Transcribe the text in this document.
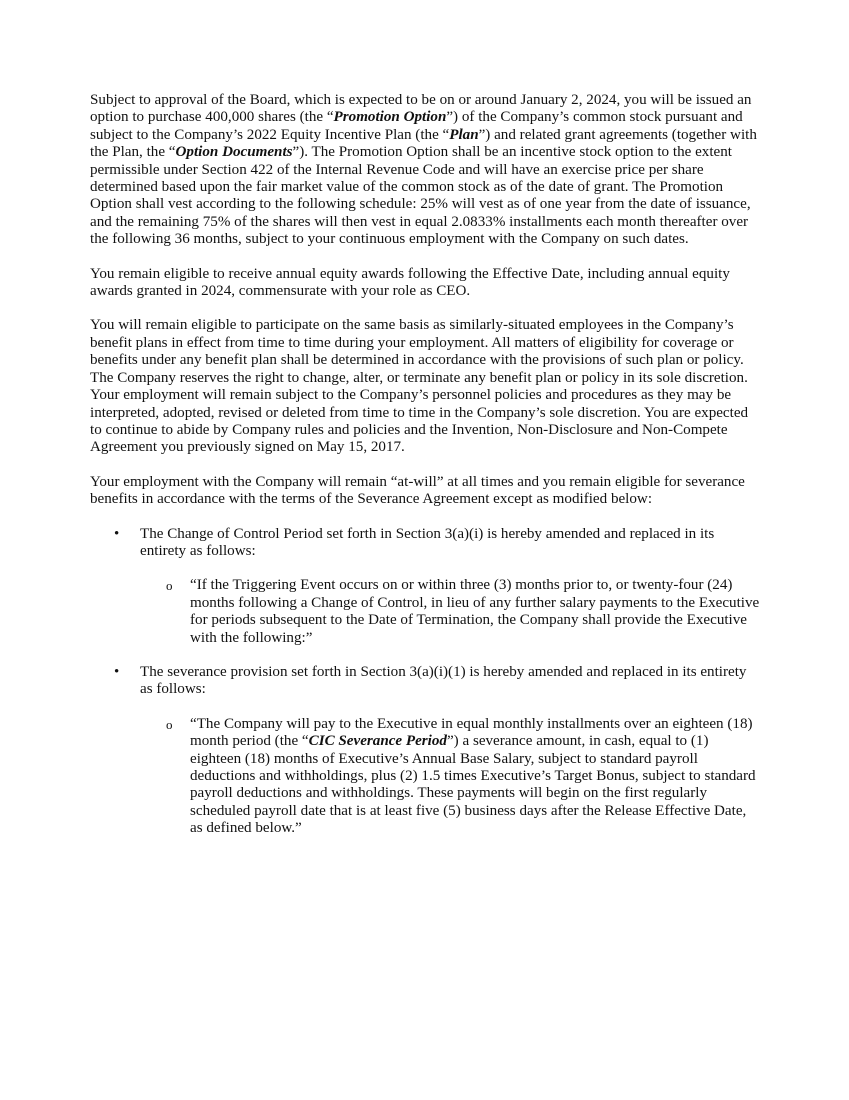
Subject to approval of the Board, which is expected to be on or around January 2, 2024, you will be issued an option to purchase 400,000 shares (the “Promotion Option”) of the Company’s common stock pursuant and subject to the Company’s 2022 Equity Incentive Plan (the “Plan”) and related grant agreements (together with the Plan, the “Option Documents”). The Promotion Option shall be an incentive stock option to the extent permissible under Section 422 of the Internal Revenue Code and will have an exercise price per share determined based upon the fair market value of the common stock as of the date of grant. The Promotion Option shall vest according to the following schedule: 25% will vest as of one year from the date of issuance, and the remaining 75% of the shares will then vest in equal 2.0833% installments each month thereafter over the following 36 months, subject to your continuous employment with the Company on such dates.

You remain eligible to receive annual equity awards following the Effective Date, including annual equity awards granted in 2024, commensurate with your role as CEO.

You will remain eligible to participate on the same basis as similarly-situated employees in the Company’s benefit plans in effect from time to time during your employment. All matters of eligibility for coverage or benefits under any benefit plan shall be determined in accordance with the provisions of such plan or policy. The Company reserves the right to change, alter, or terminate any benefit plan or policy in its sole discretion. Your employment will remain subject to the Company’s personnel policies and procedures as they may be interpreted, adopted, revised or deleted from time to time in the Company’s sole discretion. You are expected to continue to abide by Company rules and policies and the Invention, Non-Disclosure and Non-Compete Agreement you previously signed on May 15, 2017.

Your employment with the Company will remain “at-will” at all times and you remain eligible for severance benefits in accordance with the terms of the Severance Agreement except as modified below:

• The Change of Control Period set forth in Section 3(a)(i) is hereby amended and replaced in its entirety as follows:
o “If the Triggering Event occurs on or within three (3) months prior to, or twenty-four (24) months following a Change of Control, in lieu of any further salary payments to the Executive for periods subsequent to the Date of Termination, the Company shall provide the Executive with the following:”
• The severance provision set forth in Section 3(a)(i)(1) is hereby amended and replaced in its entirety as follows:
o “The Company will pay to the Executive in equal monthly installments over an eighteen (18) month period (the “CIC Severance Period”) a severance amount, in cash, equal to (1) eighteen (18) months of Executive’s Annual Base Salary, subject to standard payroll deductions and withholdings, plus (2) 1.5 times Executive’s Target Bonus, subject to standard payroll deductions and withholdings. These payments will begin on the first regularly scheduled payroll date that is at least five (5) business days after the Release Effective Date, as defined below.”
